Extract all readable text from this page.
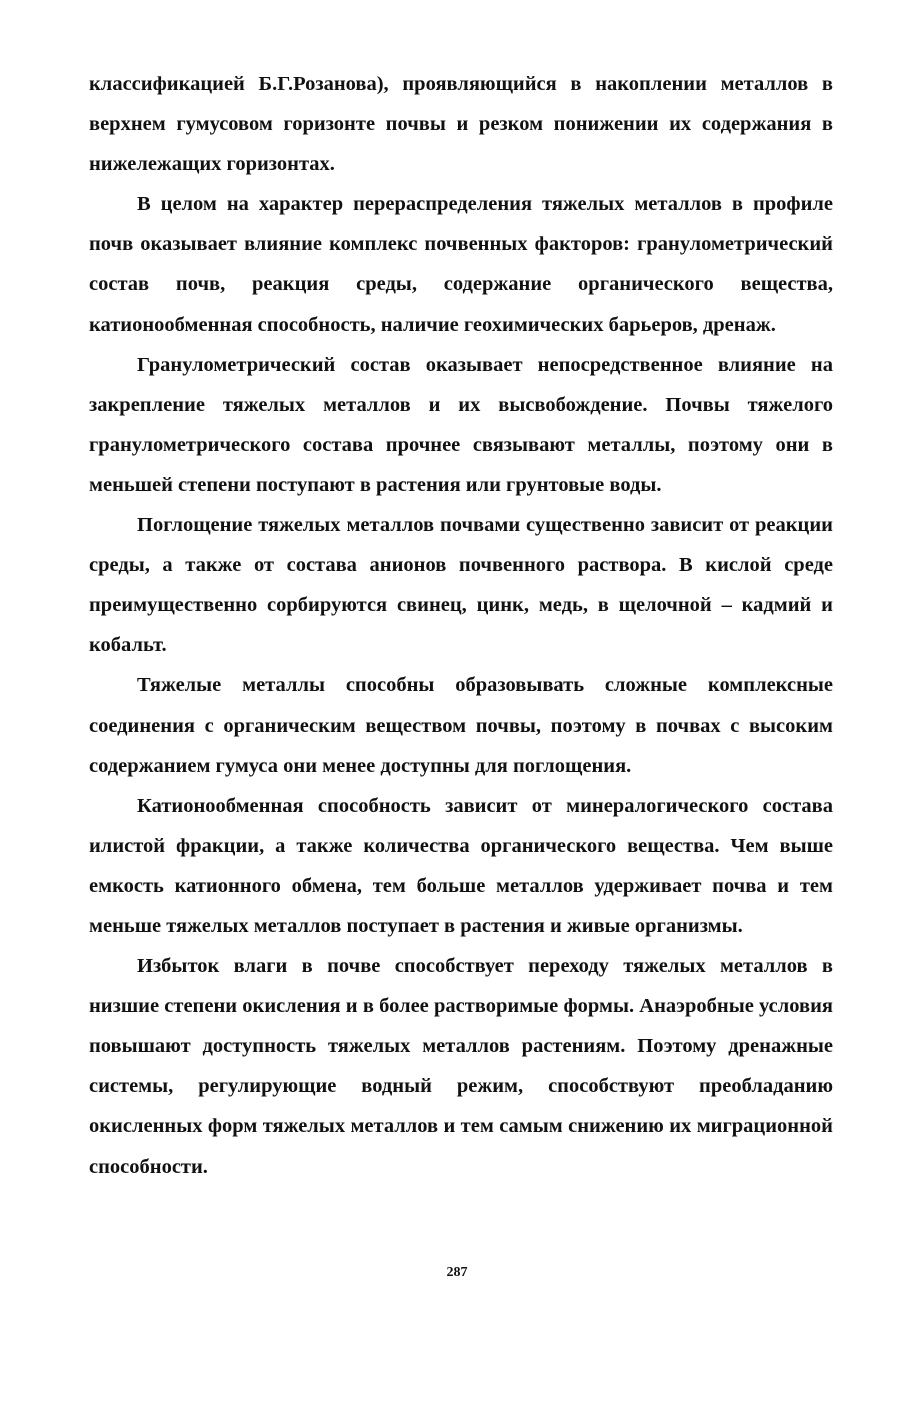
классификацией Б.Г.Розанова), проявляющийся в накоплении металлов в верхнем гумусовом горизонте почвы и резком понижении их содержания в нижележащих горизонтах.

В целом на характер перераспределения тяжелых металлов в профиле почв оказывает влияние комплекс почвенных факторов: гранулометрический состав почв, реакция среды, содержание органического вещества, катионообменная способность, наличие геохимических барьеров, дренаж.

Гранулометрический состав оказывает непосредственное влияние на закрепление тяжелых металлов и их высвобождение. Почвы тяжелого гранулометрического состава прочнее связывают металлы, поэтому они в меньшей степени поступают в растения или грунтовые воды.

Поглощение тяжелых металлов почвами существенно зависит от реакции среды, а также от состава анионов почвенного раствора. В кислой среде преимущественно сорбируются свинец, цинк, медь, в щелочной – кадмий и кобальт.

Тяжелые металлы способны образовывать сложные комплексные соединения с органическим веществом почвы, поэтому в почвах с высоким содержанием гумуса они менее доступны для поглощения.

Катионообменная способность зависит от минералогического состава илистой фракции, а также количества органического вещества. Чем выше емкость катионного обмена, тем больше металлов удерживает почва и тем меньше тяжелых металлов поступает в растения и живые организмы.

Избыток влаги в почве способствует переходу тяжелых металлов в низшие степени окисления и в более растворимые формы. Анаэробные условия повышают доступность тяжелых металлов растениям. Поэтому дренажные системы, регулирующие водный режим, способствуют преобладанию окисленных форм тяжелых металлов и тем самым снижению их миграционной способности.

287
